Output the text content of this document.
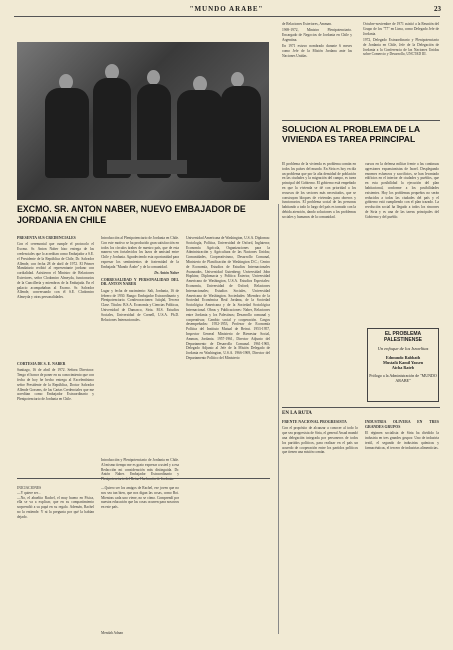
"MUNDO ARABE"	23

de Relaciones Exteriores, Amman.

1969-1972, Ministro Plenipotenciario. Encargado de Negocios de Jordania en Chile y Argentina.

En 1971 estuvo nombrado durante 6 meses como Jefe de la Misión Jordana ante las Naciones Unidas.

Octubre-noviembre de 1971 asistió a la Reunión del Grupo de los "77" en Lima, como Delegado Jefe de Jordania.

1972, Delegado Extraordinario y Plenipotenciario de Jordania en Chile, Jefe de la Delegación de Jordania a la Conferencia de las Naciones Unidas sobre Comercio y Desarrollo, UNCTAD III.

SOLUCION AL PROBLEMA DE LA VIVIENDA ES TAREA PRINCIPAL
El problema de la vivienda es problema común en todos los países del mundo. En Siria es hoy en día un problema que por la alta densidad de población en las ciudades y la migración del campo, es tarea principal del Gobierno. El gobierno está empeñado en que la vivienda se dé con prioridad a los recursos de los sectores más necesitados, que se construyan bloques de viviendas para obreros y funcionarios. El problema social de las personas habitando a todo lo largo del país es tomado con la debida atención, dando soluciones a los problemas sociales y humanos de la comunidad.
cursos en la defensa militar frente a las continuas agresiones expansionistas de Israel. Desplegando enormes esfuerzos y sacrificios, se han levantado edificios en el interior de ciudades y pueblos, que en esta posibilidad la ejecución del plan habitacional, conforme a los posibilidades existentes. Hoy los problemas pequeños no serán reducidos a todas las ciudades del país y el gobierno está cumpliendo con el plan trazado. La revolución social ha llegado a todos los rincones de Siria y es una de las tareas principales del Gobierno y del pueblo.
EL PROBLEMA PALESTINENSE
Un enfoque de los Israelitas
Edmundo Rabbath
Mustafá Kamil Yassen
Aicha Rateb
Prólogo a la Administración de "MUNDO ARABE"
EXCMO. SR. ANTON NABER, NUEVO EMBAJADOR DE JORDANIA EN CHILE

PRESENTA SUS CREDENCIALES

Con el ceremonial que cumple el protocolo el Excmo. Sr. Anton Naber hizo entrega de las credenciales que lo acreditan como Embajador a S.E. el Presidente de la República de Chile, Dr. Salvador Allende, con fecha 28 de abril de 1972. El Primer Mandatario recibió al representante jordano con cordialidad. Asistieron el Ministro de Relaciones Exteriores, señor Clodomiro Almeyda, funcionarios de la Cancillería y miembros de la Embajada. En el palacio acompañaban al Excmo. Sr. Salvador Allende, conversando con él S.E. Clodomiro Almeyda y otras personalidades.

Introducción al Plenipotenciario de Jordania en Chile. Con este motivo se ha producido gran satisfacción en todos los círculos árabes de nuestro país, que de esta manera ven fortalecidos los lazos de amistad entre Chile y Jordania. Agradeciendo esta oportunidad para expresar los sentimientos de fraternidad de la Embajada "Mundo Árabe" y de la comunidad.

Dr. Antón Naber

CORRESALIDAD Y PERSONALIDAD DEL DR. ANTON NABER

Lugar y fecha de nacimiento: Salt, Jordania, 16 de febrero de 1930. Rango: Embajador Extraordinario y Plenipotenciario. Condecoraciones: Istiqlal, Tercera Clase. Títulos: B.S.A. Economía y Ciencias Políticas, Universidad de Damasco, Siria. M.S. Estudios Sociales, Universidad de Cornell, U.S.A. Ph.D. Relaciones Internacionales.

Universidad Americana de Washington, U.S.A. Diplomas: Sociología, Política, Universidad de Oxford, Inglaterra; Economía Agrícola, Organizaciones para la Administración y Agricultura de las Naciones Unidas; Comunidades, Cooperativismo, Desarrollo Comunal, Ministerio de Planificación de Washington D.C.; Centro de Economía, Estudios de Estudios Internacionales Avanzados, Universidad Gutenberg; Universidad John Hopkins; Diplomacia y Política Exterior, Universidad Americana de Washington, U.S.A. Estudios Especiales: Economía, Universidad de Oxford; Relaciones Internacionales; Estudios Sociales, Universidad Americana de Washington. Sociedades: Miembro de la Sociedad Económica Real Jordana, de la Sociedad Sociológica Americana y de la Sociedad Sociológica Internacional. Obras y Publicaciones: Naber, Relaciones entre Jordania y los Palestinos; Desarrollo comunal y cooperativas; Cambio social y cooperación. Cargos desempeñados: 1952-1953, Profesor de Economía Política del Instituto Mutual de Beirut. 1953-1957, Inspector General Ministerio de Bienestar Social, Amman, Jordania. 1957-1961, Director Adjunto del Departamento de Desarrollo Comunal. 1961-1965, Delegado Adjunto al Jefe de la Misión Delegado de Jordania en Washington, U.S.A. 1966-1969, Director del Departamento Político del Ministerio

CORTESIA DE S. E. NABER

Santiago, 16 de abril de 1972. Señora Directora: Tengo el honor de poner en su conocimiento que con fecha de hoy he hecho entrega al Excelentísimo señor Presidente de la República, Doctor Salvador Allende Gossens, de las Cartas Credenciales que me acreditan como Embajador Extraordinario y Plenipotenciario de Jordania en Chile.

Introducción y Plenipotenciario de Jordania en Chile. Al mismo tiempo me es grato expresar a usted y a esa Redacción mi consideración más distinguida. Dr. Antón Naber. Embajador Extraordinario y Plenipotenciario del Reino Hachemita de Jordania.
INICIACIONES
—Y quiere ser...
—No, el abuelito Rachel, el muy bueno en Física, ella se va a explicar, que en su compartimiento sorprendió a su papá en su regalo. Ademán, Rachel no la entiende. Y ni la pregunta por qué la habían dejado.
—Quiero ser los amigos de Rachel, ese joven que no nos sea tan bien, que nos digan las cosas, como Boi. Mientras cada uno viene, no se cómo. Comprendí por nuestra educación que las cosas ocurren para nosotros en este país.
Mendah Adnan
EN LA RUTA

FRENTE NACIONAL PROGRESISTA

Con el propósito de alcanzar a conocer al todo lo que sea progresista de Siria, el general Assad mandó una delegación integrada por personeros de todos los partidos políticos, para realizar en el país un acuerdo de cooperación entre los partidos políticos que tienen una misión común.

INDUSTRIA OLIVERA EN TRES GRANDES GRUPOS

El régimen socialista de Siria ha dividido la industria en tres grandes grupos: Uno de industria textil, el segundo de industrias químicas y farmacéuticas, el tercero de industrias alimenticias.
